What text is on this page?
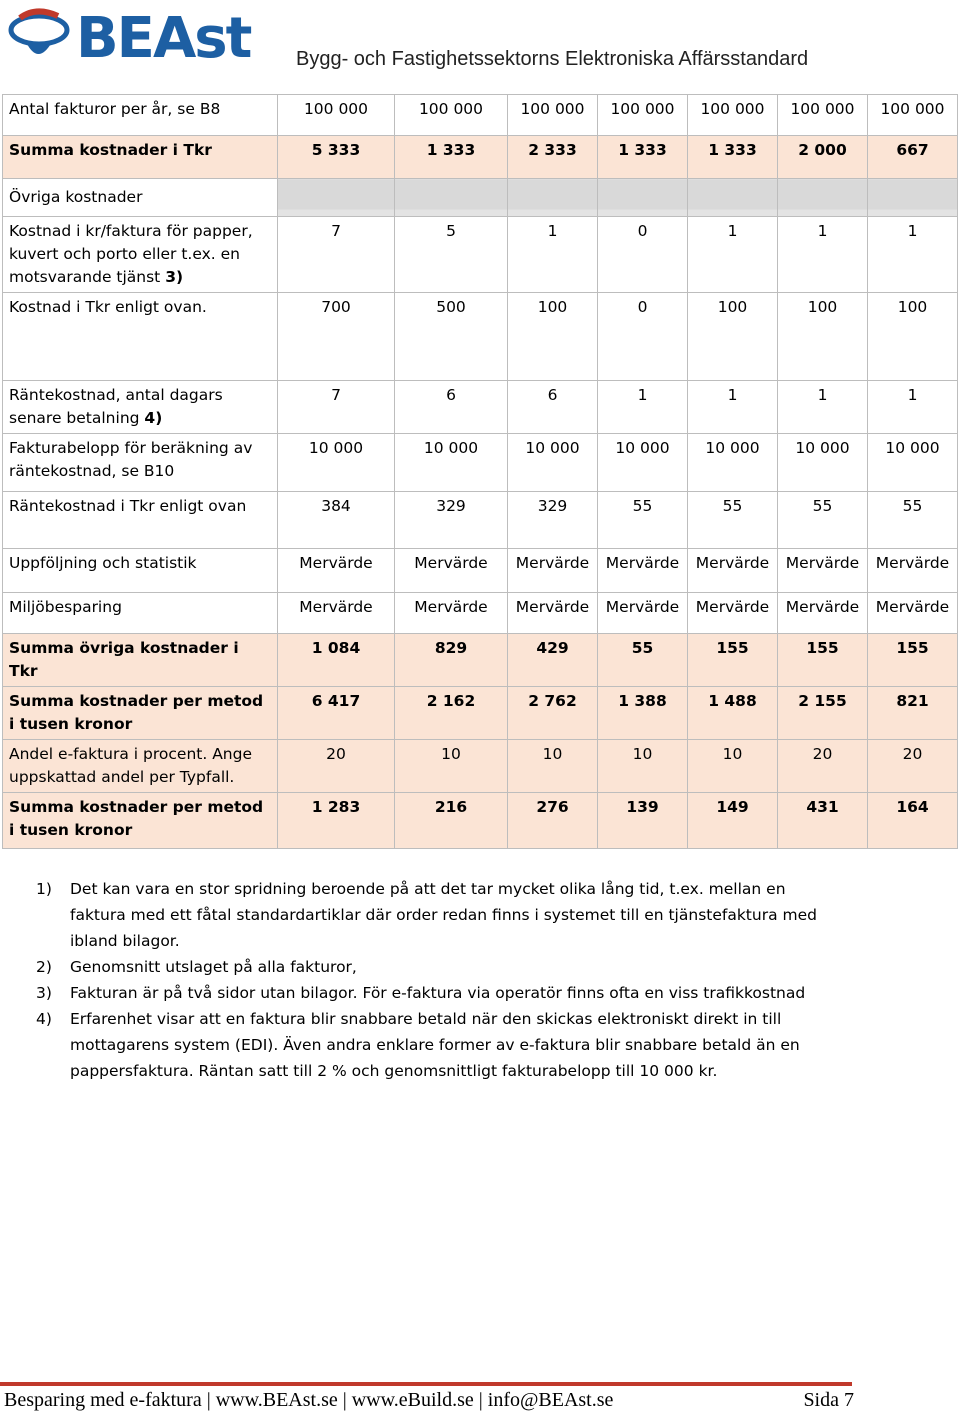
BEAst Bygg- och Fastighetssektorns Elektroniska Affärsstandard
Antal fakturor per år, se B8	100 000	100 000	100 000	100 000	100 000	100 000	100 000
Summa kostnader i Tkr	5 333	1 333	2 333	1 333	1 333	2 000	667
Övriga kostnader							
Kostnad i kr/faktura för papper, kuvert och porto eller t.ex. en motsvarande tjänst 3)	7	5	1	0	1	1	1
Kostnad i Tkr enligt ovan.	700	500	100	0	100	100	100
Räntekostnad, antal dagars senare betalning 4)	7	6	6	1	1	1	1
Fakturabelopp för beräkning av räntekostnad, se B10	10 000	10 000	10 000	10 000	10 000	10 000	10 000
Räntekostnad i Tkr enligt ovan	384	329	329	55	55	55	55
Uppföljning och statistik	Mervärde	Mervärde	Mervärde	Mervärde	Mervärde	Mervärde	Mervärde
Miljöbesparing	Mervärde	Mervärde	Mervärde	Mervärde	Mervärde	Mervärde	Mervärde
Summa övriga kostnader i Tkr	1 084	829	429	55	155	155	155
Summa kostnader per metod i tusen kronor	6 417	2 162	2 762	1 388	1 488	2 155	821
Andel e-faktura i procent. Ange uppskattad andel per Typfall.	20	10	10	10	10	20	20
Summa kostnader per metod i tusen kronor	1 283	216	276	139	149	431	164
1)	Det kan vara en stor spridning beroende på att det tar mycket olika lång tid, t.ex. mellan en faktura med ett fåtal standardartiklar där order redan finns i systemet till en tjänstefaktura med ibland bilagor.
2)	Genomsnitt utslaget på alla fakturor,
3)	Fakturan är på två sidor utan bilagor. För e-faktura via operatör finns ofta en viss trafikkostnad
4)	Erfarenhet visar att en faktura blir snabbare betald när den skickas elektroniskt direkt in till mottagarens system (EDI). Även andra enklare former av e-faktura blir snabbare betald än en pappersfaktura. Räntan satt till 2 % och genomsnittligt fakturabelopp till 10 000 kr.
Besparing med e-faktura | www.BEAst.se | www.eBuild.se | info@BEAst.se	Sida 7
